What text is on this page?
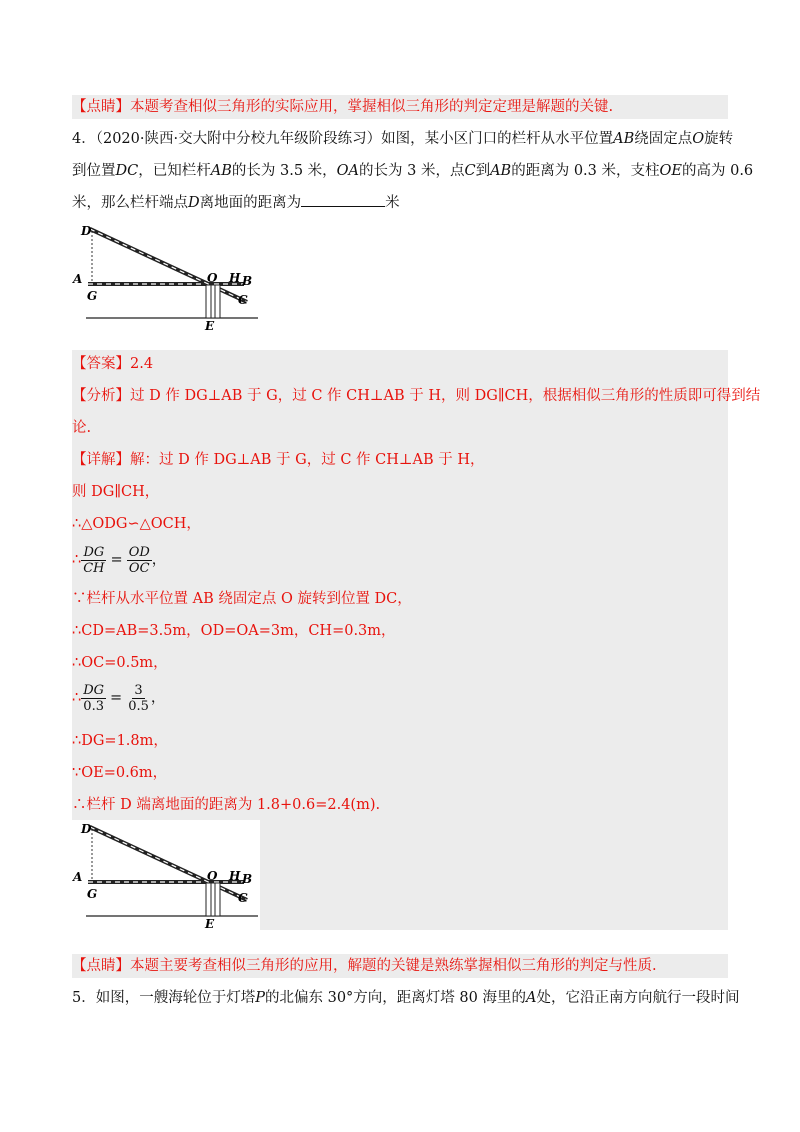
【点睛】本题考查相似三角形的实际应用，掌握相似三角形的判定定理是解题的关键.
4．（2020·陕西·交大附中分校九年级阶段练习）如图，某小区门口的栏杆从水平位置AB绕固定点O旋转
到位置DC，已知栏杆AB的长为 3.5 米，OA的长为 3 米，点C到AB的距离为 0.3 米，支柱OE的高为 0.6
米，那么栏杆端点D离地面的距离为	米
D
A
G
O H B
C
E
【答案】2.4
【分析】过 D 作 DG⊥AB 于 G，过 C 作 CH⊥AB 于 H，则 DG∥CH，根据相似三角形的性质即可得到结
论.
【详解】解：过 D 作 DG⊥AB 于 G，过 C 作 CH⊥AB 于 H，
则 DG∥CH，
∴△ODG∽△OCH，
∴ $\frac{DG}{CH} = \frac{OD}{OC}$ ，
∵栏杆从水平位置 AB 绕固定点 O 旋转到位置 DC，
∴CD=AB=3.5m，OD=OA=3m，CH=0.3m，
∴OC=0.5m，
∴ $\frac{DG}{0.3} = \frac{3}{0.5}$ ，
∴DG=1.8m，
∵OE=0.6m，
∴栏杆 D 端离地面的距离为 1.8+0.6=2.4(m).
D
A
G
O H B
C
E
【点睛】本题主要考查相似三角形的应用，解题的关键是熟练掌握相似三角形的判定与性质.
5．如图，一艘海轮位于灯塔P的北偏东 30°方向，距离灯塔 80 海里的A处，它沿正南方向航行一段时间
